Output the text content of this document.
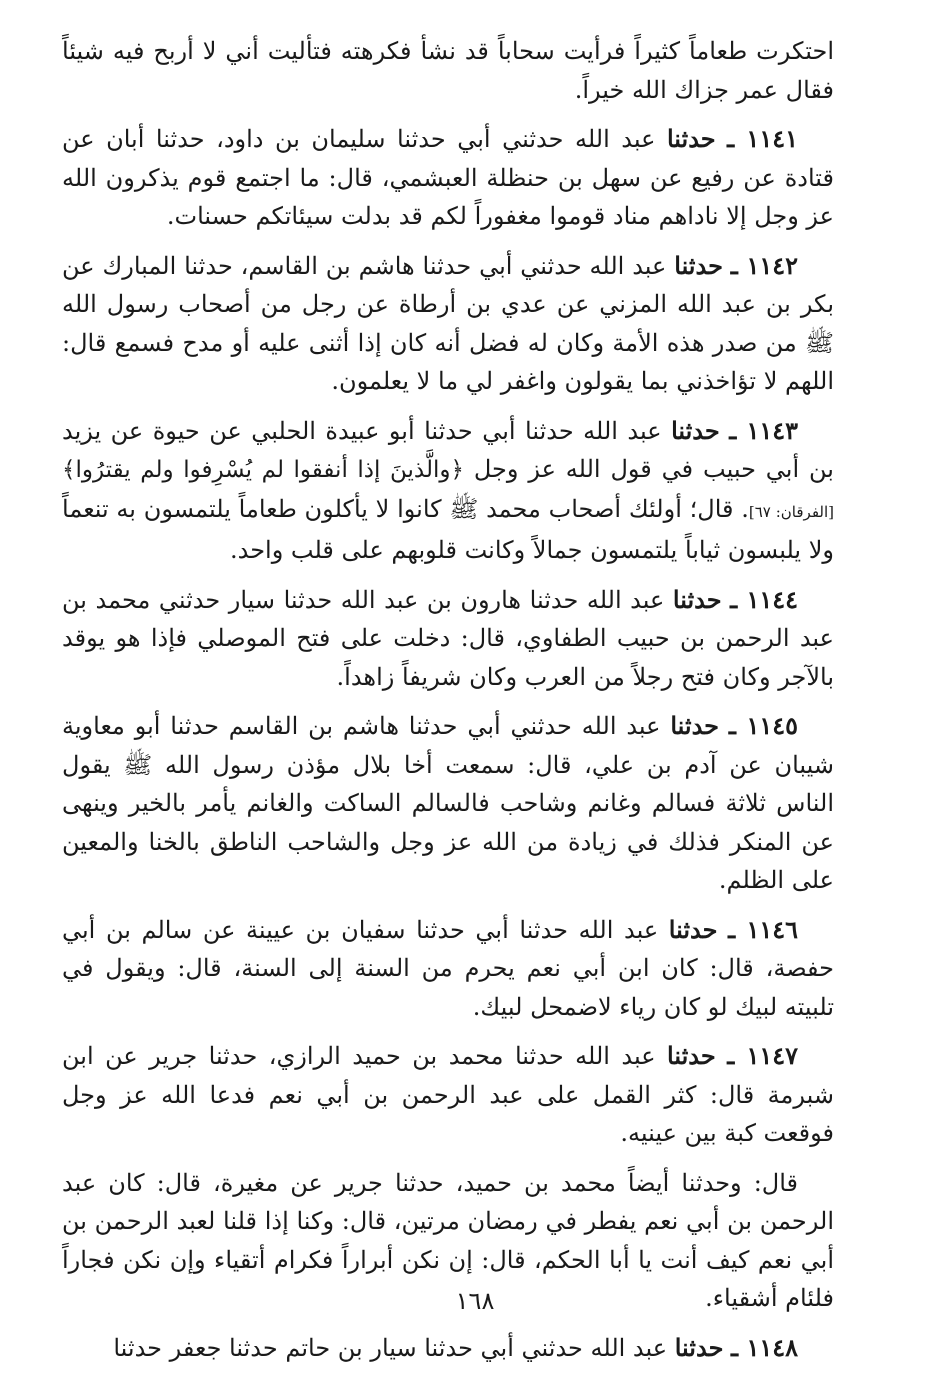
احتكرت طعاماً كثيراً فرأيت سحاباً قد نشأ فكرهته فتأليت أني لا أربح فيه شيئاً فقال عمر جزاك الله خيراً.

١١٤١ ـ حدثنا عبد الله حدثني أبي حدثنا سليمان بن داود، حدثنا أبان عن قتادة عن رفيع عن سهل بن حنظلة العبشمي، قال: ما اجتمع قوم يذكرون الله عز وجل إلا ناداهم مناد قوموا مغفوراً لكم قد بدلت سيئاتكم حسنات.

١١٤٢ ـ حدثنا عبد الله حدثني أبي حدثنا هاشم بن القاسم، حدثنا المبارك عن بكر بن عبد الله المزني عن عدي بن أرطاة عن رجل من أصحاب رسول الله ﷺ من صدر هذه الأمة وكان له فضل أنه كان إذا أثنى عليه أو مدح فسمع قال: اللهم لا تؤاخذني بما يقولون واغفر لي ما لا يعلمون.

١١٤٣ ـ حدثنا عبد الله حدثنا أبي حدثنا أبو عبيدة الحلبي عن حيوة عن يزيد بن أبي حبيب في قول الله عز وجل ﴿والَّذينَ إذا أنفقوا لم يُسْرِفوا ولم يقترُوا﴾ [الفرقان: ٦٧]. قال؛ أولئك أصحاب محمد ﷺ كانوا لا يأكلون طعاماً يلتمسون به تنعماً ولا يلبسون ثياباً يلتمسون جمالاً وكانت قلوبهم على قلب واحد.

١١٤٤ ـ حدثنا عبد الله حدثنا هارون بن عبد الله حدثنا سيار حدثني محمد بن عبد الرحمن بن حبيب الطفاوي، قال: دخلت على فتح الموصلي فإذا هو يوقد بالآجر وكان فتح رجلاً من العرب وكان شريفاً زاهداً.

١١٤٥ ـ حدثنا عبد الله حدثني أبي حدثنا هاشم بن القاسم حدثنا أبو معاوية شيبان عن آدم بن علي، قال: سمعت أخا بلال مؤذن رسول الله ﷺ يقول الناس ثلاثة فسالم وغانم وشاحب فالسالم الساكت والغانم يأمر بالخير وينهى عن المنكر فذلك في زيادة من الله عز وجل والشاحب الناطق بالخنا والمعين على الظلم.

١١٤٦ ـ حدثنا عبد الله حدثنا أبي حدثنا سفيان بن عيينة عن سالم بن أبي حفصة، قال: كان ابن أبي نعم يحرم من السنة إلى السنة، قال: ويقول في تلبيته لبيك لو كان رياء لاضمحل لبيك.

١١٤٧ ـ حدثنا عبد الله حدثنا محمد بن حميد الرازي، حدثنا جرير عن ابن شبرمة قال: كثر القمل على عبد الرحمن بن أبي نعم فدعا الله عز وجل فوقعت كبة بين عينيه.

قال: وحدثنا أيضاً محمد بن حميد، حدثنا جرير عن مغيرة، قال: كان عبد الرحمن بن أبي نعم يفطر في رمضان مرتين، قال: وكنا إذا قلنا لعبد الرحمن بن أبي نعم كيف أنت يا أبا الحكم، قال: إن نكن أبراراً فكرام أتقياء وإن نكن فجاراً فلئام أشقياء.

١١٤٨ ـ حدثنا عبد الله حدثني أبي حدثنا سيار بن حاتم حدثنا جعفر حدثنا

١٦٨
